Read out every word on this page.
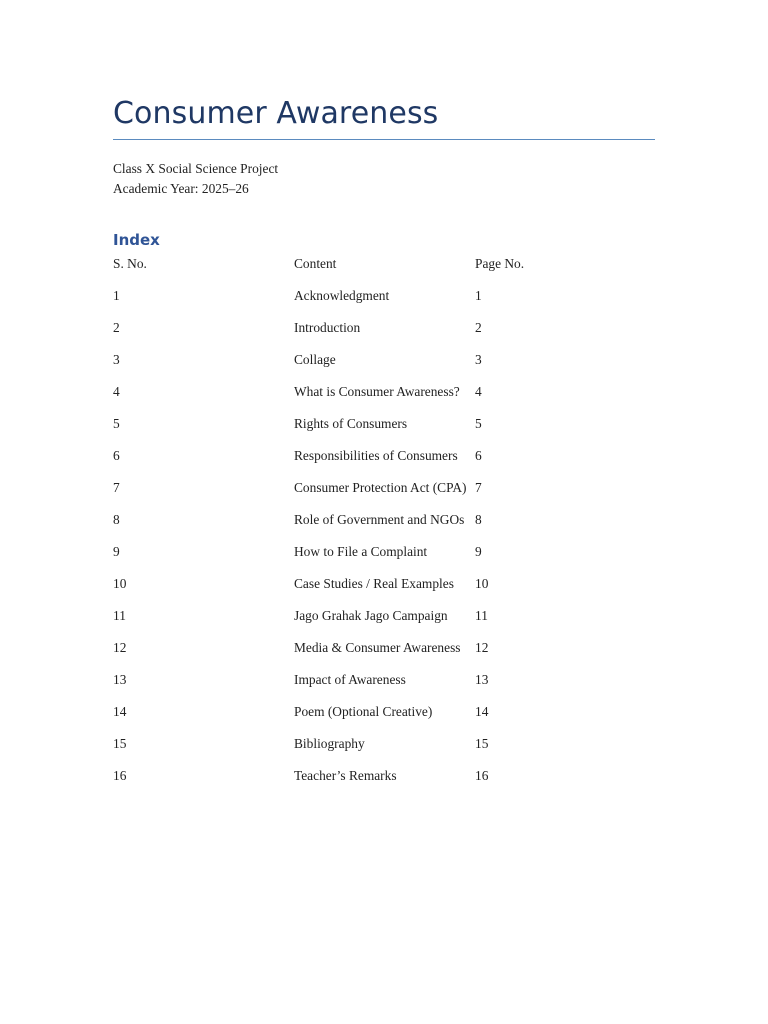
Consumer Awareness
Class X Social Science Project
Academic Year: 2025–26
Index
S. No.	Content	Page No.
1	Acknowledgment	1
2	Introduction	2
3	Collage	3
4	What is Consumer Awareness?	4
5	Rights of Consumers	5
6	Responsibilities of Consumers	6
7	Consumer Protection Act (CPA)	7
8	Role of Government and NGOs	8
9	How to File a Complaint	9
10	Case Studies / Real Examples	10
11	Jago Grahak Jago Campaign	11
12	Media & Consumer Awareness	12
13	Impact of Awareness	13
14	Poem (Optional Creative)	14
15	Bibliography	15
16	Teacher’s Remarks	16
